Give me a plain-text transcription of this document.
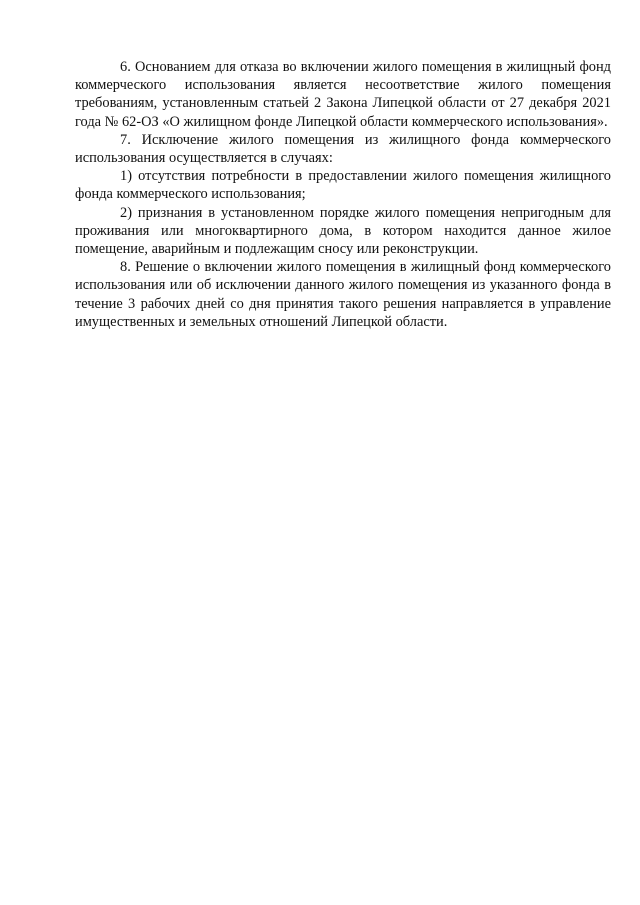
6. Основанием для отказа во включении жилого помещения в жилищный фонд коммерческого использования является несоответствие жилого помещения требованиям, установленным статьей 2 Закона Липецкой области от 27 декабря 2021 года № 62-ОЗ «О жилищном фонде Липецкой области коммерческого использования».

7. Исключение жилого помещения из жилищного фонда коммерческого использования осуществляется в случаях:

1) отсутствия потребности в предоставлении жилого помещения жилищного фонда коммерческого использования;

2) признания в установленном порядке жилого помещения непригодным для проживания или многоквартирного дома, в котором находится данное жилое помещение, аварийным и подлежащим сносу или реконструкции.

8. Решение о включении жилого помещения в жилищный фонд коммерческого использования или об исключении данного жилого помещения из указанного фонда в течение 3 рабочих дней со дня принятия такого решения направляется в управление имущественных и земельных отношений Липецкой области.
